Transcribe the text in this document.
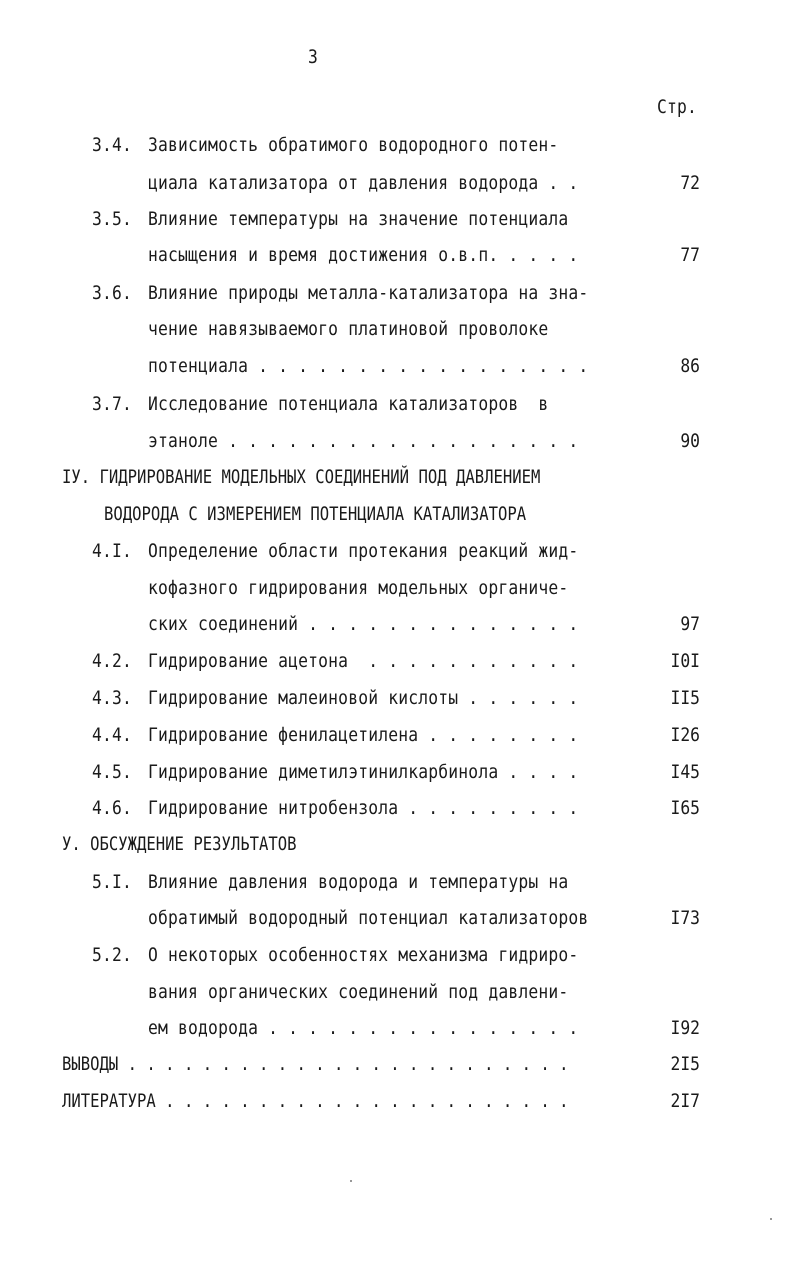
3
Стр.
3.4. Зависимость обратимого водородного потен-
циала катализатора от давления водорода . .	72
3.5. Влияние температуры на значение потенциала
насыщения и время достижения о.в.п. . . . .	77
3.6. Влияние природы металла-катализатора на зна-
чение навязываемого платиновой проволоке
потенциала . . . . . . . . . . . . . . . . .	86
3.7. Исследование потенциала катализаторов  в
этаноле . . . . . . . . . . . . . . . . . .	90
IУ. ГИДРИРОВАНИЕ МОДЕЛЬНЫХ СОЕДИНЕНИЙ ПОД ДАВЛЕНИЕМ
ВОДОРОДА С ИЗМЕРЕНИЕМ ПОТЕНЦИАЛА КАТАЛИЗАТОРА
4.I. Определение области протекания реакций жид-
кофазного гидрирования модельных органиче-
ских соединений . . . . . . . . . . . . . .	97
4.2. Гидрирование ацетона  . . . . . . . . . . .	I0I
4.3. Гидрирование малеиновой кислоты . . . . . .	II5
4.4. Гидрирование фенилацетилена . . . . . . . .	I26
4.5. Гидрирование диметилэтинилкарбинола . . . .	I45
4.6. Гидрирование нитробензола . . . . . . . . .	I65
У. ОБСУЖДЕНИЕ РЕЗУЛЬТАТОВ
5.I. Влияние давления водорода и температуры на
обратимый водородный потенциал катализаторов	I73
5.2. О некоторых особенностях механизма гидриро-
вания органических соединений под давлени-
ем водорода . . . . . . . . . . . . . . . .	I92
ВЫВОДЫ . . . . . . . . . . . . . . . . . . . . . . . .	2I5
ЛИТЕРАТУРА . . . . . . . . . . . . . . . . . . . . . .	2I7
